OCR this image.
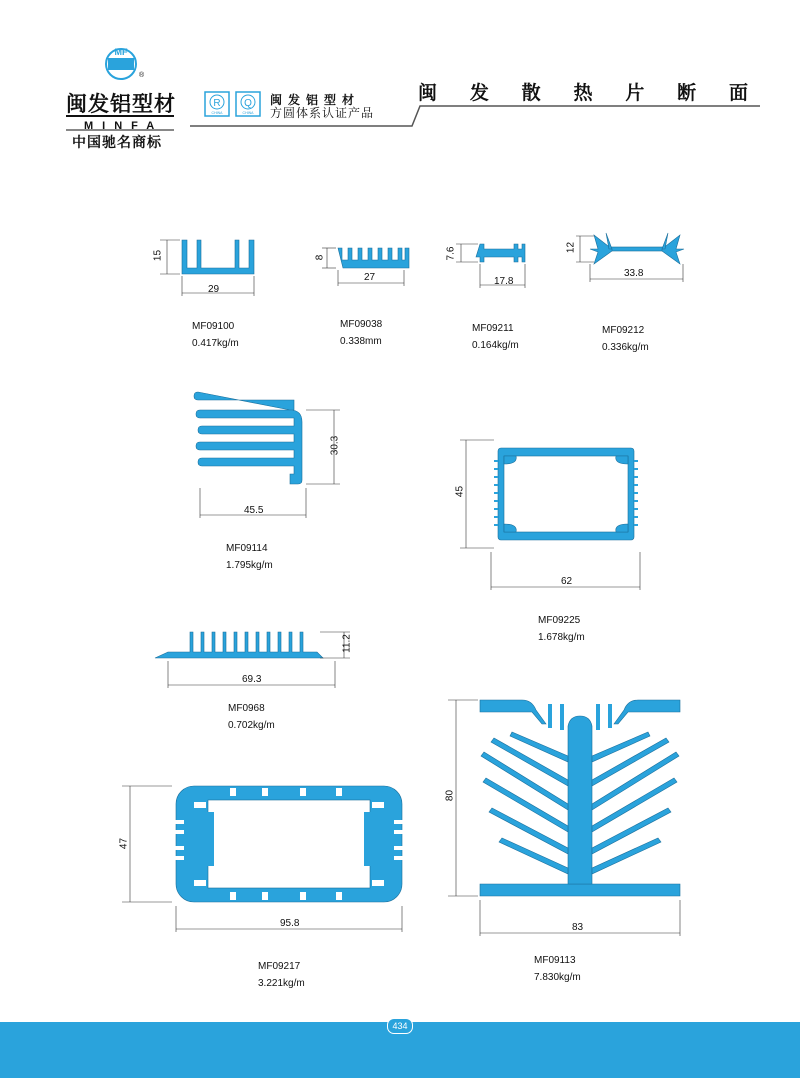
MF
®
R
CHINA
Q
CHINA
闽发铝型材
MINFA
中国驰名商标
闽发铝型材
方圆体系认证产品
闽 发 散 热 片 断 面
15
29
8
27
7.6
17.8
12
33.8
30.3
45.5
45
62
11.2
69.3
47
95.8
80
83
MF09100
0.417kg/m
MF09038
0.338mm
MF09211
0.164kg/m
MF09212
0.336kg/m
MF09114
1.795kg/m
MF09225
1.678kg/m
MF0968
0.702kg/m
MF09217
3.221kg/m
MF09113
7.830kg/m
434
